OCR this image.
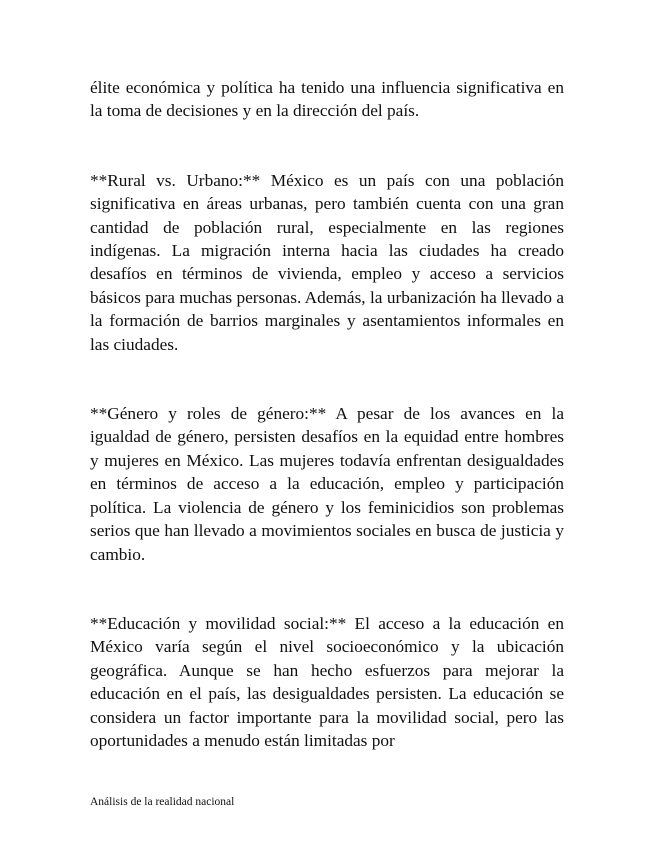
élite económica y política ha tenido una influencia significativa en la toma de decisiones y en la dirección del país.

**Rural vs. Urbano:** México es un país con una población significativa en áreas urbanas, pero también cuenta con una gran cantidad de población rural, especialmente en las regiones indígenas. La migración interna hacia las ciudades ha creado desafíos en términos de vivienda, empleo y acceso a servicios básicos para muchas personas. Además, la urbanización ha llevado a la formación de barrios marginales y asentamientos informales en las ciudades.

**Género y roles de género:** A pesar de los avances en la igualdad de género, persisten desafíos en la equidad entre hombres y mujeres en México. Las mujeres todavía enfrentan desigualdades en términos de acceso a la educación, empleo y participación política. La violencia de género y los feminicidios son problemas serios que han llevado a movimientos sociales en busca de justicia y cambio.

**Educación y movilidad social:** El acceso a la educación en México varía según el nivel socioeconómico y la ubicación geográfica. Aunque se han hecho esfuerzos para mejorar la educación en el país, las desigualdades persisten. La educación se considera un factor importante para la movilidad social, pero las oportunidades a menudo están limitadas por

Análisis de la realidad nacional
